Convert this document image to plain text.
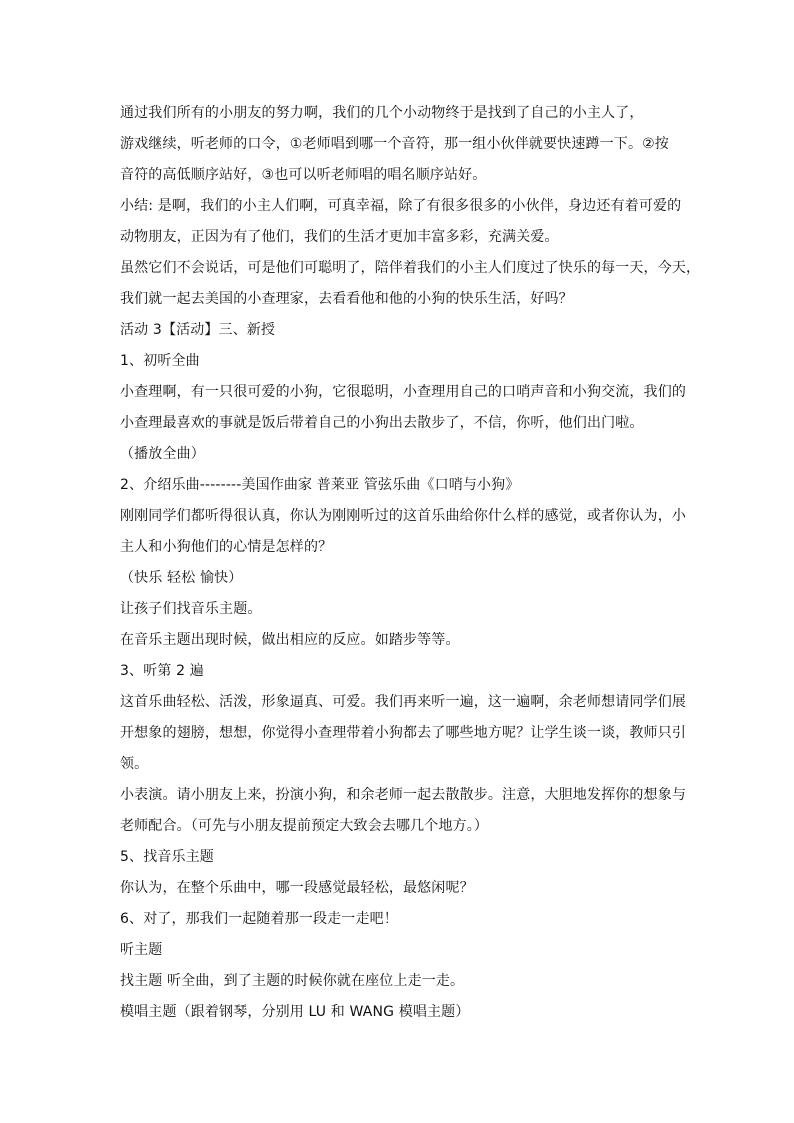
通过我们所有的小朋友的努力啊，我们的几个小动物终于是找到了自己的小主人了，

游戏继续，听老师的口令，①老师唱到哪一个音符，那一组小伙伴就要快速蹲一下。②按

音符的高低顺序站好，③也可以听老师唱的唱名顺序站好。

小结: 是啊，我们的小主人们啊，可真幸福，除了有很多很多的小伙伴，身边还有着可爱的

动物朋友，正因为有了他们，我们的生活才更加丰富多彩，充满关爱。

虽然它们不会说话，可是他们可聪明了，陪伴着我们的小主人们度过了快乐的每一天，今天，

我们就一起去美国的小查理家，去看看他和他的小狗的快乐生活，好吗？

活动 3【活动】三、新授

1、初听全曲

小查理啊，有一只很可爱的小狗，它很聪明，小查理用自己的口哨声音和小狗交流，我们的

小查理最喜欢的事就是饭后带着自己的小狗出去散步了，不信，你听，他们出门啦。

（播放全曲）

2、介绍乐曲--------美国作曲家 普莱亚 管弦乐曲《口哨与小狗》

刚刚同学们都听得很认真，你认为刚刚听过的这首乐曲给你什么样的感觉，或者你认为，小

主人和小狗他们的心情是怎样的？

（快乐 轻松 愉快）

让孩子们找音乐主题。

在音乐主题出现时候，做出相应的反应。如踏步等等。

3、听第 2 遍

这首乐曲轻松、活泼，形象逼真、可爱。我们再来听一遍，这一遍啊，余老师想请同学们展

开想象的翅膀，想想，你觉得小查理带着小狗都去了哪些地方呢？让学生谈一谈，教师只引

领。

小表演。请小朋友上来，扮演小狗，和余老师一起去散散步。注意，大胆地发挥你的想象与

老师配合。（可先与小朋友提前预定大致会去哪几个地方。）

5、找音乐主题

你认为，在整个乐曲中，哪一段感觉最轻松，最悠闲呢？

6、对了，那我们一起随着那一段走一走吧！

听主题

找主题 听全曲，到了主题的时候你就在座位上走一走。

模唱主题（跟着钢琴，分别用 LU 和 WANG 模唱主题）
